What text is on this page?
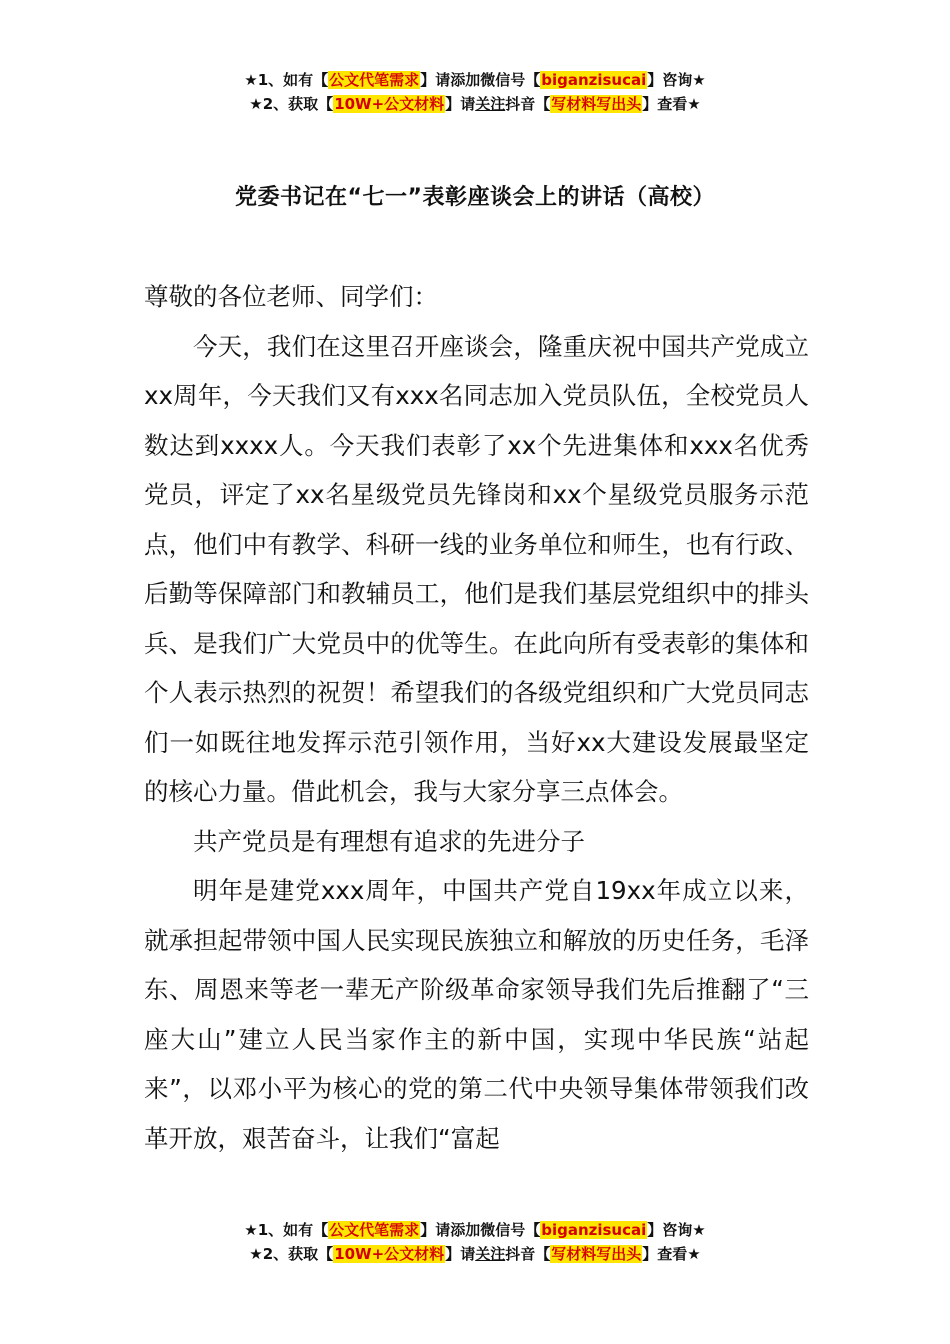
★1、如有【公文代笔需求】请添加微信号【biganzisucai】咨询★
★2、获取【10W+公文材料】请关注抖音【写材料写出头】查看★
党委书记在“七一”表彰座谈会上的讲话（高校）

尊敬的各位老师、同学们：

今天，我们在这里召开座谈会，隆重庆祝中国共产党成立xx周年，今天我们又有xxx名同志加入党员队伍，全校党员人数达到xxxx人。今天我们表彰了xx个先进集体和xxx名优秀党员，评定了xx名星级党员先锋岗和xx个星级党员服务示范点，他们中有教学、科研一线的业务单位和师生，也有行政、后勤等保障部门和教辅员工，他们是我们基层党组织中的排头兵、是我们广大党员中的优等生。在此向所有受表彰的集体和个人表示热烈的祝贺！希望我们的各级党组织和广大党员同志们一如既往地发挥示范引领作用，当好xx大建设发展最坚定的核心力量。借此机会，我与大家分享三点体会。

共产党员是有理想有追求的先进分子

明年是建党xxx周年，中国共产党自19xx年成立以来，就承担起带领中国人民实现民族独立和解放的历史任务，毛泽东、周恩来等老一辈无产阶级革命家领导我们先后推翻了“三座大山”建立人民当家作主的新中国，实现中华民族“站起来”，以邓小平为核心的党的第二代中央领导集体带领我们改革开放，艰苦奋斗，让我们“富起

★1、如有【公文代笔需求】请添加微信号【biganzisucai】咨询★
★2、获取【10W+公文材料】请关注抖音【写材料写出头】查看★
